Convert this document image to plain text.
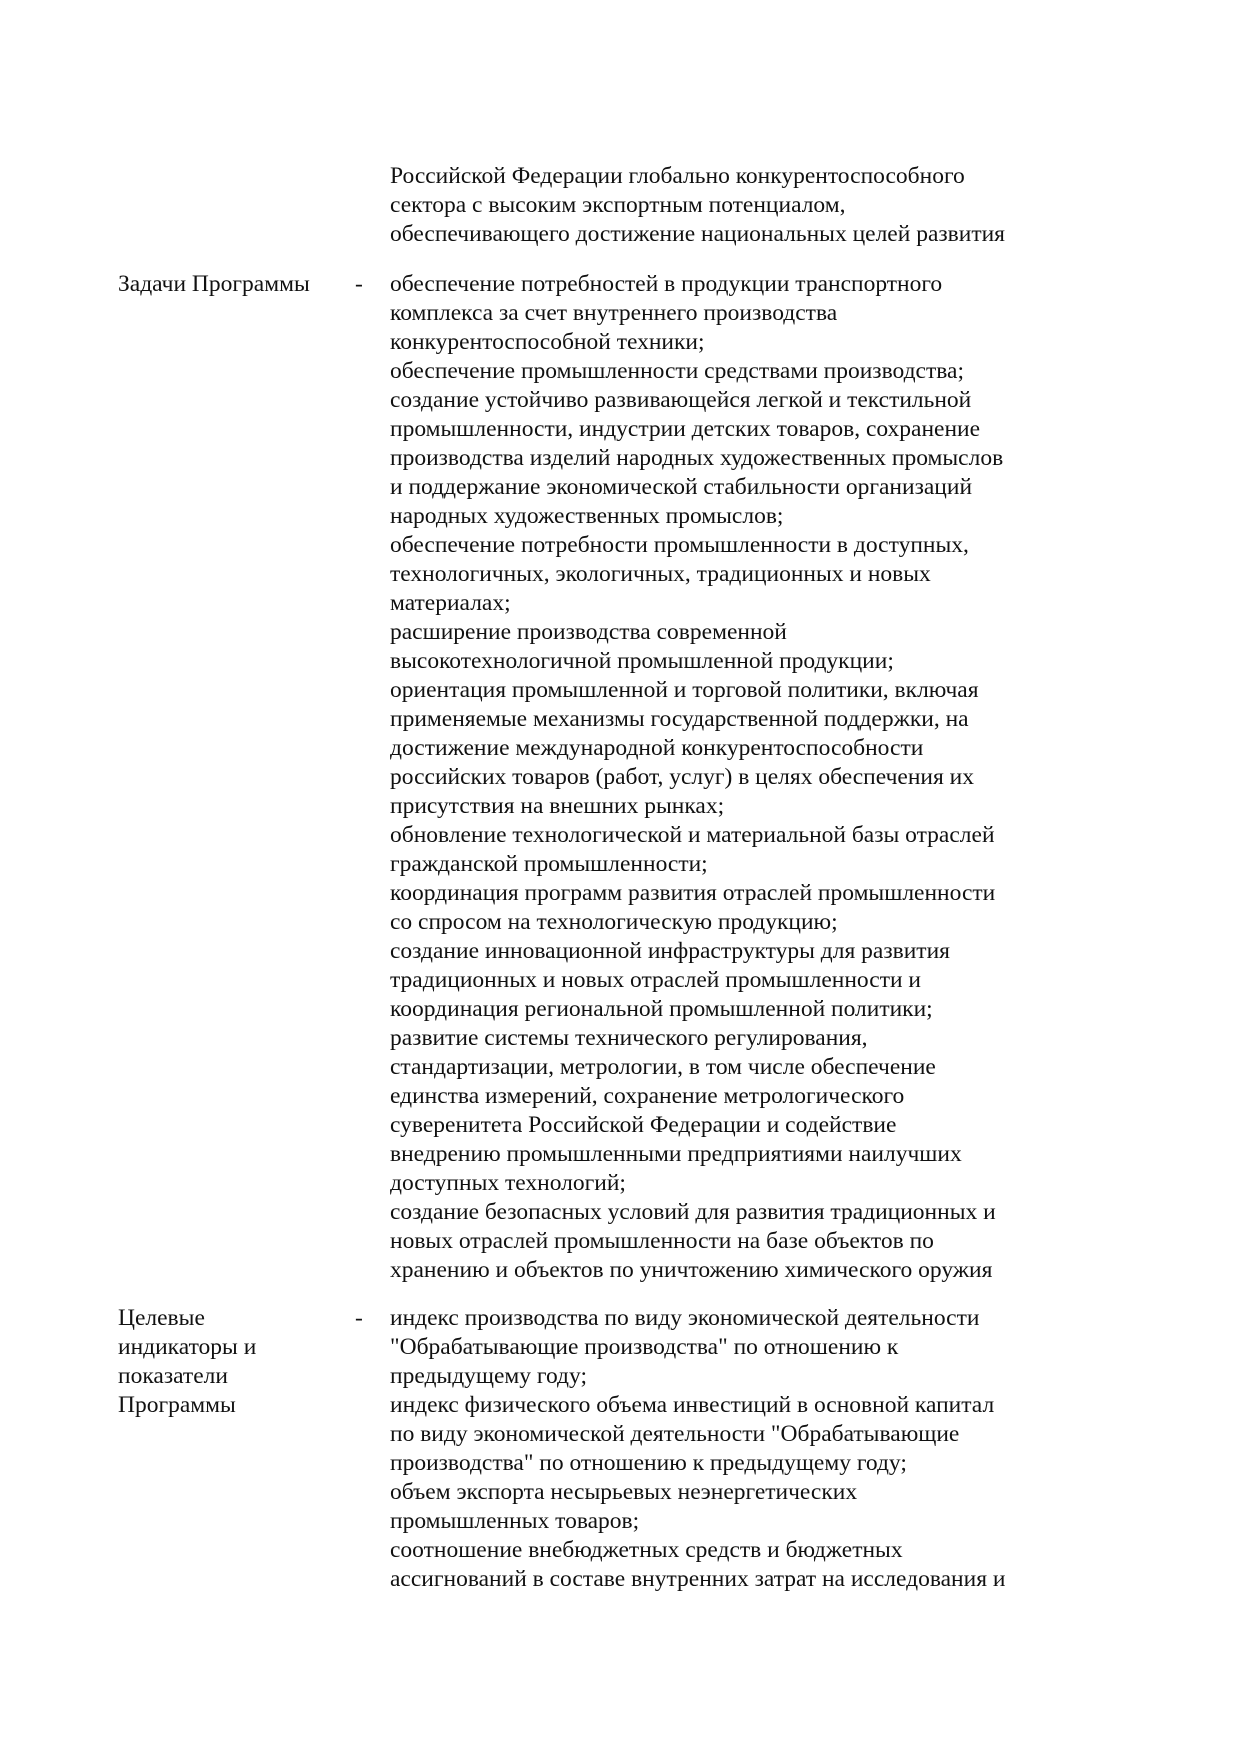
Российской Федерации глобально конкурентоспособного
сектора с высоким экспортным потенциалом,
обеспечивающего достижение национальных целей развития
Задачи Программы - обеспечение потребностей в продукции транспортного
комплекса за счет внутреннего производства
конкурентоспособной техники;
обеспечение промышленности средствами производства;
создание устойчиво развивающейся легкой и текстильной
промышленности, индустрии детских товаров, сохранение
производства изделий народных художественных промыслов
и поддержание экономической стабильности организаций
народных художественных промыслов;
обеспечение потребности промышленности в доступных,
технологичных, экологичных, традиционных и новых
материалах;
расширение производства современной
высокотехнологичной промышленной продукции;
ориентация промышленной и торговой политики, включая
применяемые механизмы государственной поддержки, на
достижение международной конкурентоспособности
российских товаров (работ, услуг) в целях обеспечения их
присутствия на внешних рынках;
обновление технологической и материальной базы отраслей
гражданской промышленности;
координация программ развития отраслей промышленности
со спросом на технологическую продукцию;
создание инновационной инфраструктуры для развития
традиционных и новых отраслей промышленности и
координация региональной промышленной политики;
развитие системы технического регулирования,
стандартизации, метрологии, в том числе обеспечение
единства измерений, сохранение метрологического
суверенитета Российской Федерации и содействие
внедрению промышленными предприятиями наилучших
доступных технологий;
создание безопасных условий для развития традиционных и
новых отраслей промышленности на базе объектов по
хранению и объектов по уничтожению химического оружия
Целевые
индикаторы и
показатели
Программы
- индекс производства по виду экономической деятельности
"Обрабатывающие производства" по отношению к
предыдущему году;
индекс физического объема инвестиций в основной капитал
по виду экономической деятельности "Обрабатывающие
производства" по отношению к предыдущему году;
объем экспорта несырьевых неэнергетических
промышленных товаров;
соотношение внебюджетных средств и бюджетных
ассигнований в составе внутренних затрат на исследования и
